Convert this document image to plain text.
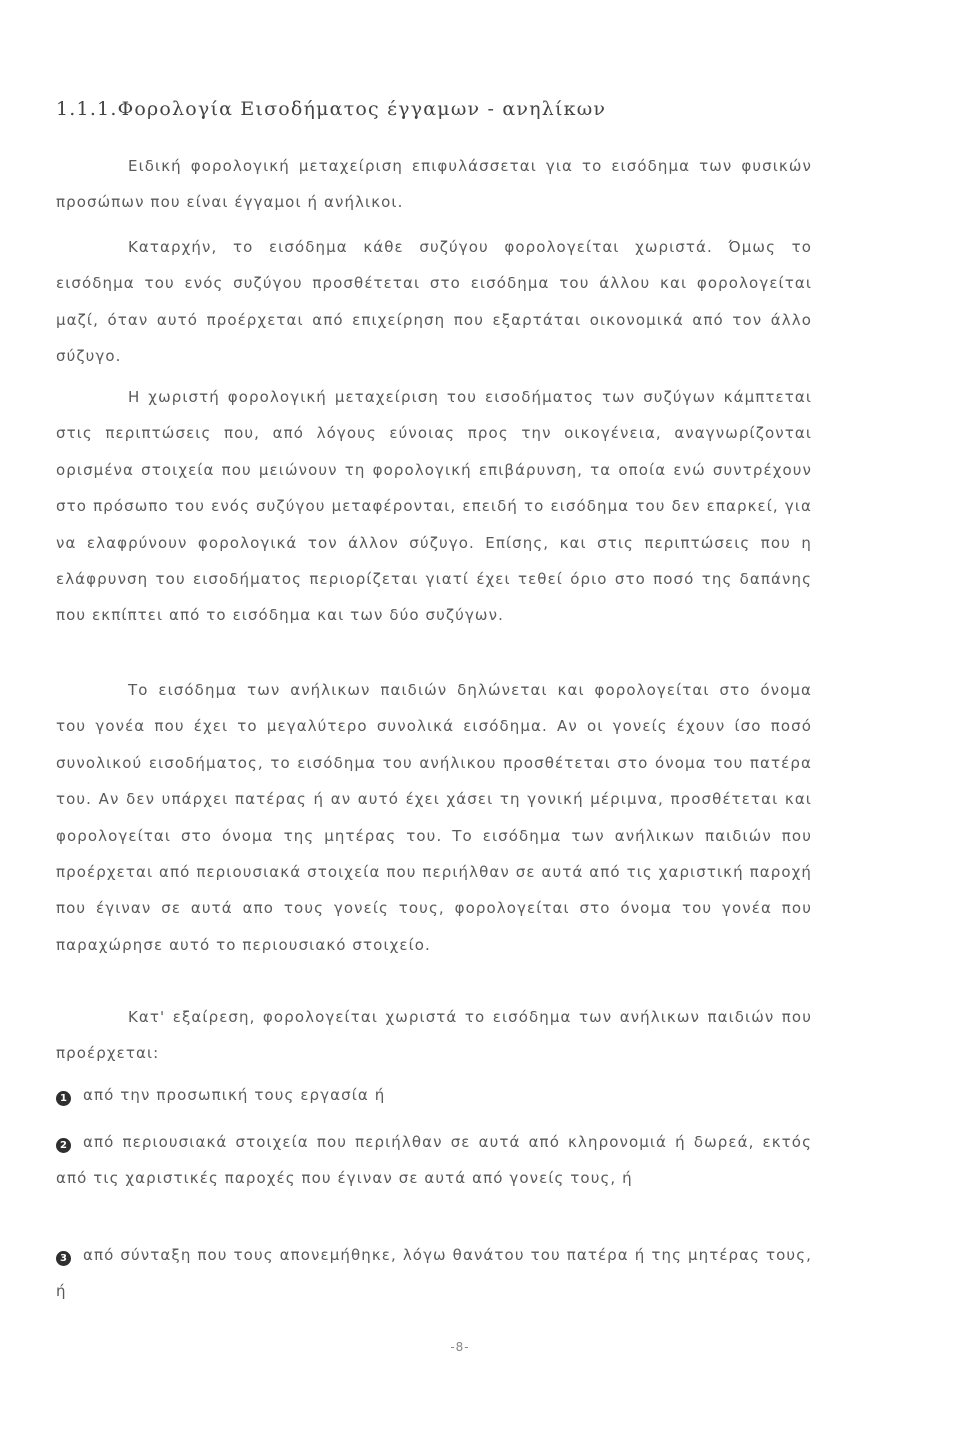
1.1.1.Φορολογία Εισοδήματος έγγαμων - ανηλίκων

Ειδική φορολογική μεταχείριση επιφυλάσσεται για το εισόδημα των φυσικών προσώπων που είναι έγγαμοι ή ανήλικοι.

Καταρχήν, το εισόδημα κάθε συζύγου φορολογείται χωριστά. Όμως το εισόδημα του ενός συζύγου προσθέτεται στο εισόδημα του άλλου και φορολογείται μαζί, όταν αυτό προέρχεται από επιχείρηση που εξαρτάται οικονομικά από τον άλλο σύζυγο.

Η χωριστή φορολογική μεταχείριση του εισοδήματος των συζύγων κάμπτεται στις περιπτώσεις που, από λόγους εύνοιας προς την οικογένεια, αναγνωρίζονται ορισμένα στοιχεία που μειώνουν τη φορολογική επιβάρυνση, τα οποία ενώ συντρέχουν στο πρόσωπο του ενός συζύγου μεταφέρονται, επειδή το εισόδημα του δεν επαρκεί, για να ελαφρύνουν φορολογικά τον άλλον σύζυγο. Επίσης, και στις περιπτώσεις που η ελάφρυνση του εισοδήματος περιορίζεται γιατί έχει τεθεί όριο στο ποσό της δαπάνης που εκπίπτει από το εισόδημα και των δύο συζύγων.

Το εισόδημα των ανήλικων παιδιών δηλώνεται και φορολογείται στο όνομα του γονέα που έχει το μεγαλύτερο συνολικά εισόδημα. Αν οι γονείς έχουν ίσο ποσό συνολικού εισοδήματος, το εισόδημα του ανήλικου προσθέτεται στο όνομα του πατέρα του. Αν δεν υπάρχει πατέρας ή αν αυτό έχει χάσει τη γονική μέριμνα, προσθέτεται και φορολογείται στο όνομα της μητέρας του. Το εισόδημα των ανήλικων παιδιών που προέρχεται από περιουσιακά στοιχεία που περιήλθαν σε αυτά από τις χαριστική παροχή που έγιναν σε αυτά απο τους γονείς τους, φορολογείται στο όνομα του γονέα που παραχώρησε αυτό το περιουσιακό στοιχείο.

Κατ' εξαίρεση, φορολογείται χωριστά το εισόδημα των ανήλικων παιδιών που προέρχεται:

1 από την προσωπική τους εργασία ή
2 από περιουσιακά στοιχεία που περιήλθαν σε αυτά από κληρονομιά ή δωρεά, εκτός από τις χαριστικές παροχές που έγιναν σε αυτά από γονείς τους, ή
3 από σύνταξη που τους απονεμήθηκε, λόγω θανάτου του πατέρα ή της μητέρας τους, ή
-8-
